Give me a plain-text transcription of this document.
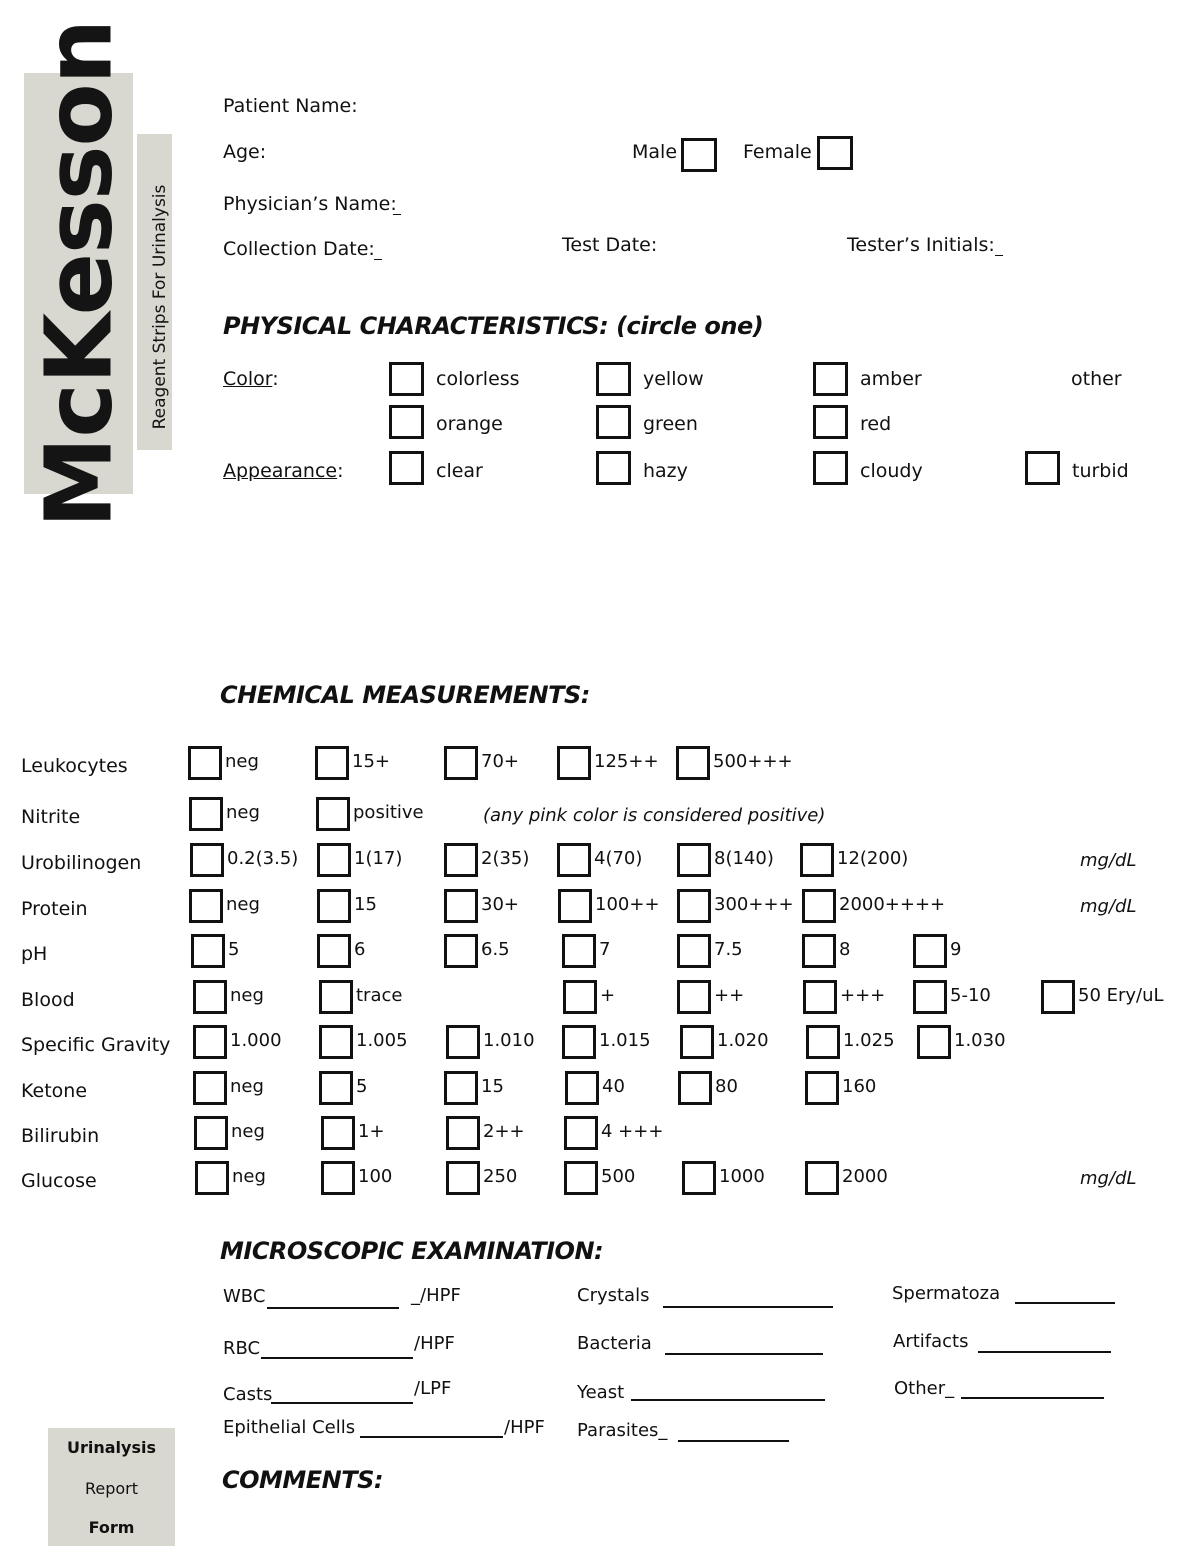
McKesson Reagent Strips For Urinalysis
Patient Name:
Age:	Male	Female
Physician’s Name:
Collection Date:	Test Date:	Tester’s Initials:
PHYSICAL CHARACTERISTICS: (circle one)
Color:	colorless	yellow	amber
orange	green	red
other
Appearance:	clear	hazy	cloudy	turbid
CHEMICAL MEASUREMENTS:
Leukocytes	neg	15+	70+	125++	500+++
Nitrite	neg	positive
Urobilinogen	0.2(3.5)	1(17)	2(35)	4(70)	8(140)	12(200)	mg/dL
Protein	neg	15	30+	100++	300+++	2000++++	mg/dL
pH	5	6	6.5	7	7.5	8	9
Blood	neg	trace	+	++	+++	5-10	50 Ery/uL
Specific Gravity	1.000	1.005	1.010	1.015	1.020	1.025	1.030
Ketone	neg	5	15	40	80	160
Bilirubin	neg	1+	2++	4 +++
Glucose	neg	100	250	500	1000	2000	mg/dL
(any pink color is considered positive)
MICROSCOPIC EXAMINATION:
WBC	_/HPF
RBC	/HPF
Casts	/LPF
Epithelial Cells	/HPF
Crystals
Bacteria
Yeast
Parasites_
Spermatoza
Artifacts
Other_
COMMENTS:
Urinalysis
Report
Form
